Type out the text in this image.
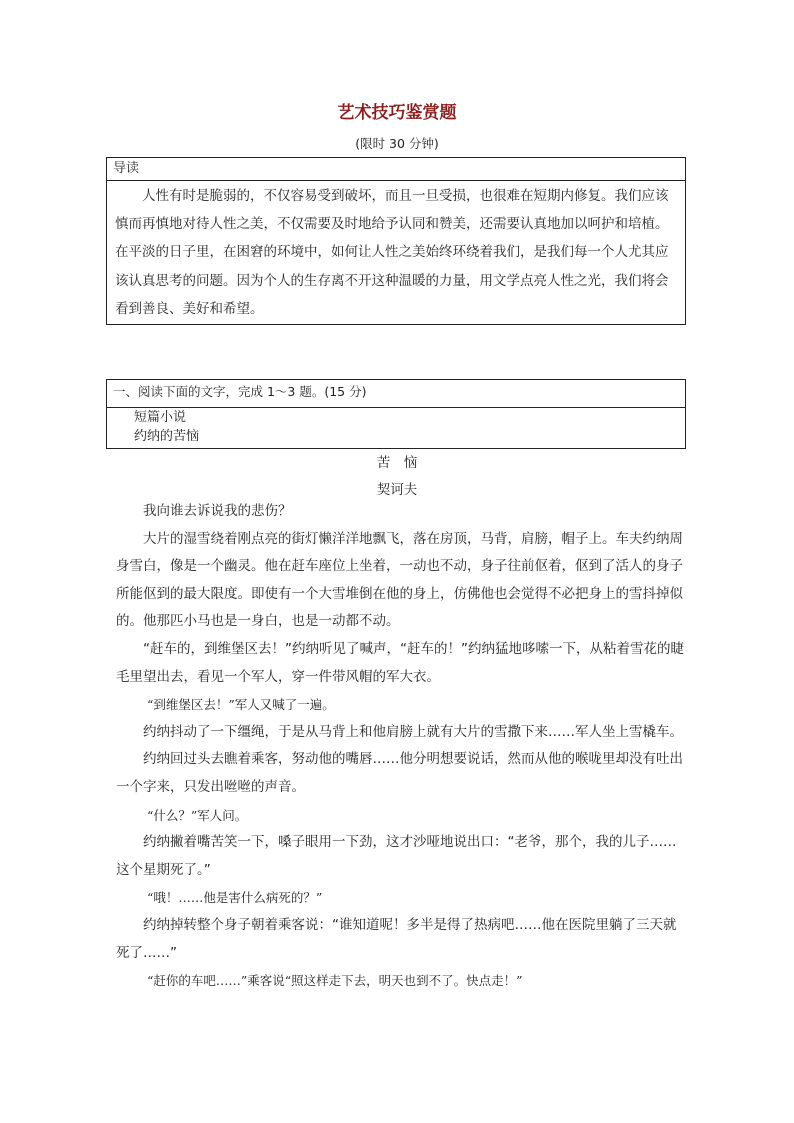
艺术技巧鉴赏题
(限时 30 分钟)
导读
人性有时是脆弱的，不仅容易受到破坏，而且一旦受损，也很难在短期内修复。我们应该慎而再慎地对待人性之美，不仅需要及时地给予认同和赞美，还需要认真地加以呵护和培植。在平淡的日子里，在困窘的环境中，如何让人性之美始终环绕着我们，是我们每一个人尤其应该认真思考的问题。因为个人的生存离不开这种温暖的力量，用文学点亮人性之光，我们将会看到善良、美好和希望。
一、阅读下面的文字，完成 1～3 题。(15 分)
短篇小说
约纳的苦恼
苦　恼
契诃夫

我向谁去诉说我的悲伤？

大片的湿雪绕着刚点亮的街灯懒洋洋地飘飞，落在房顶，马背，肩膀，帽子上。车夫约纳周身雪白，像是一个幽灵。他在赶车座位上坐着，一动也不动，身子往前伛着，伛到了活人的身子所能伛到的最大限度。即使有一个大雪堆倒在他的身上，仿佛他也会觉得不必把身上的雪抖掉似的。他那匹小马也是一身白，也是一动都不动。

“赶车的，到维堡区去！”约纳听见了喊声，“赶车的！”约纳猛地哆嗦一下，从粘着雪花的睫毛里望出去，看见一个军人，穿一件带风帽的军大衣。

“到维堡区去！”军人又喊了一遍。

约纳抖动了一下缰绳，于是从马背上和他肩膀上就有大片的雪撒下来……军人坐上雪橇车。

约纳回过头去瞧着乘客，努动他的嘴唇……他分明想要说话，然而从他的喉咙里却没有吐出一个字来，只发出咝咝的声音。

“什么？”军人问。

约纳撇着嘴苦笑一下，嗓子眼用一下劲，这才沙哑地说出口：“老爷，那个，我的儿子……这个星期死了。”

“哦！……他是害什么病死的？”

约纳掉转整个身子朝着乘客说：“谁知道呢！多半是得了热病吧……他在医院里躺了三天就死了……”

“赶你的车吧……”乘客说“照这样走下去，明天也到不了。快点走！”
